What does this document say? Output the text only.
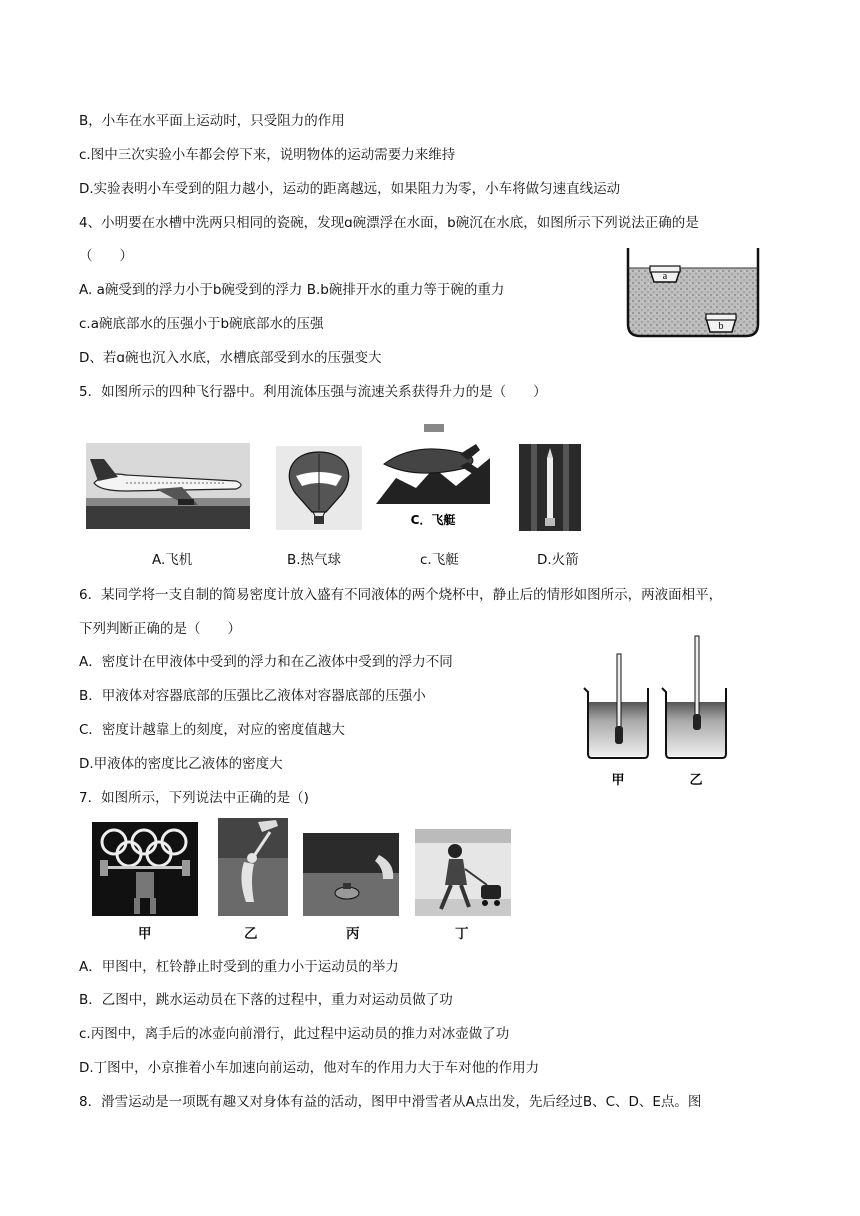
B，小车在水平面上运动时，只受阻力的作用
c.图中三次实验小车都会停下来，说明物体的运动需要力来维持
D.实验表明小车受到的阻力越小，运动的距离越远，如果阻力为零，小车将做匀速直线运动
4、小明要在水槽中洗两只相同的瓷碗，发现ɑ碗漂浮在水面，b碗沉在水底，如图所示下列说法正确的是
（　　）
A. a碗受到的浮力小于b碗受到的浮力 B.b碗排开水的重力等于碗的重力
c.a碗底部水的压强小于b碗底部水的压强
D、若ɑ碗也沉入水底，水槽底部受到水的压强变大
5．如图所示的四种飞行器中。利用流体压强与流速关系获得升力的是（　　）
6．某同学将一支自制的简易密度计放入盛有不同液体的两个烧杯中，静止后的情形如图所示，两液面相平，
下列判断正确的是（　　）
A．密度计在甲液体中受到的浮力和在乙液体中受到的浮力不同
B．甲液体对容器底部的压强比乙液体对容器底部的压强小
C．密度计越靠上的刻度，对应的密度值越大
D.甲液体的密度比乙液体的密度大
7．如图所示，下列说法中正确的是（)
A．甲图中，杠铃静止时受到的重力小于运动员的举力
B．乙图中，跳水运动员在下落的过程中，重力对运动员做了功
c.丙图中，离手后的冰壶向前滑行，此过程中运动员的推力对冰壶做了功
D.丁图中，小京推着小车加速向前运动，他对车的作用力大于车对他的作用力
8．滑雪运动是一项既有趣又对身体有益的活动，图甲中滑雪者从A点出发，先后经过B、C、D、E点。图
a
b
C．飞艇
A.飞机	B.热气球	c.飞艇	D.火箭
甲	乙
甲	乙	丙	丁
